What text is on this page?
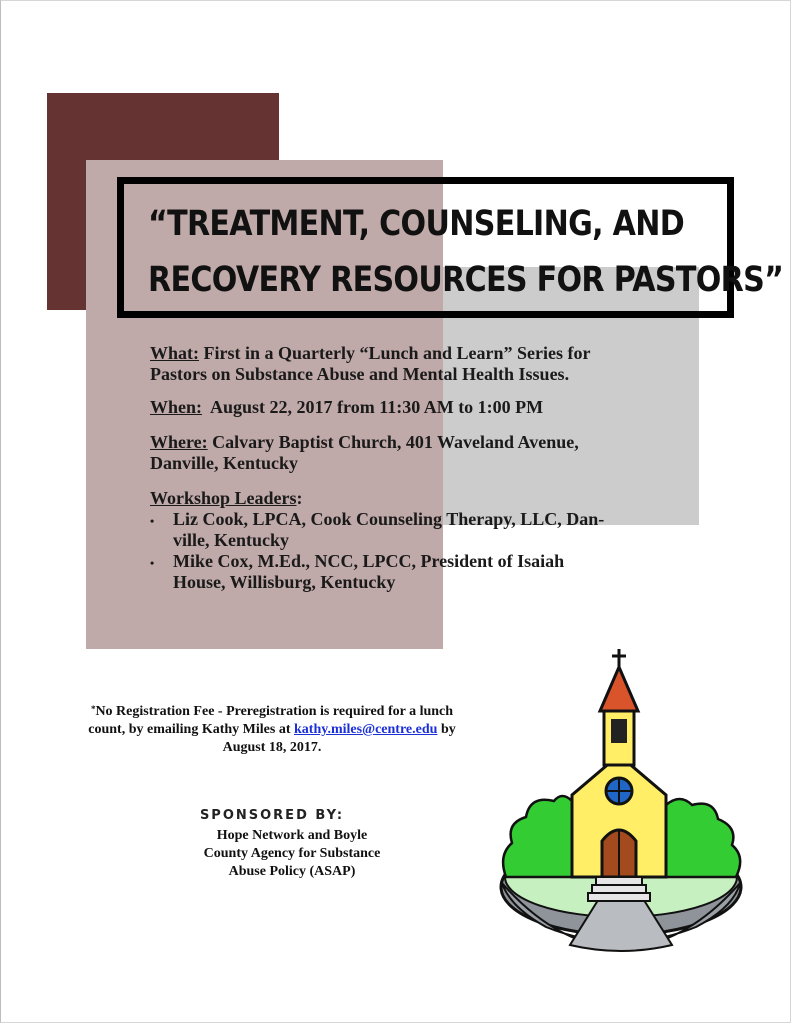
“TREATMENT, COUNSELING, AND
RECOVERY RESOURCES FOR PASTORS”

What: First in a Quarterly “Lunch and Learn” Series for
Pastors on Substance Abuse and Mental Health Issues.

When:  August 22, 2017 from 11:30 AM to 1:00 PM

Where: Calvary Baptist Church, 401 Waveland Avenue,
Danville, Kentucky

Workshop Leaders:

• Liz Cook, LPCA, Cook Counseling Therapy, LLC, Dan-
ville, Kentucky
• Mike Cox, M.Ed., NCC, LPCC, President of Isaiah
House, Willisburg, Kentucky
*No Registration Fee - Preregistration is required for a lunch
count, by emailing Kathy Miles at kathy.miles@centre.edu by
August 18, 2017.
SPONSORED BY:
Hope Network and Boyle
County Agency for Substance
Abuse Policy (ASAP)
